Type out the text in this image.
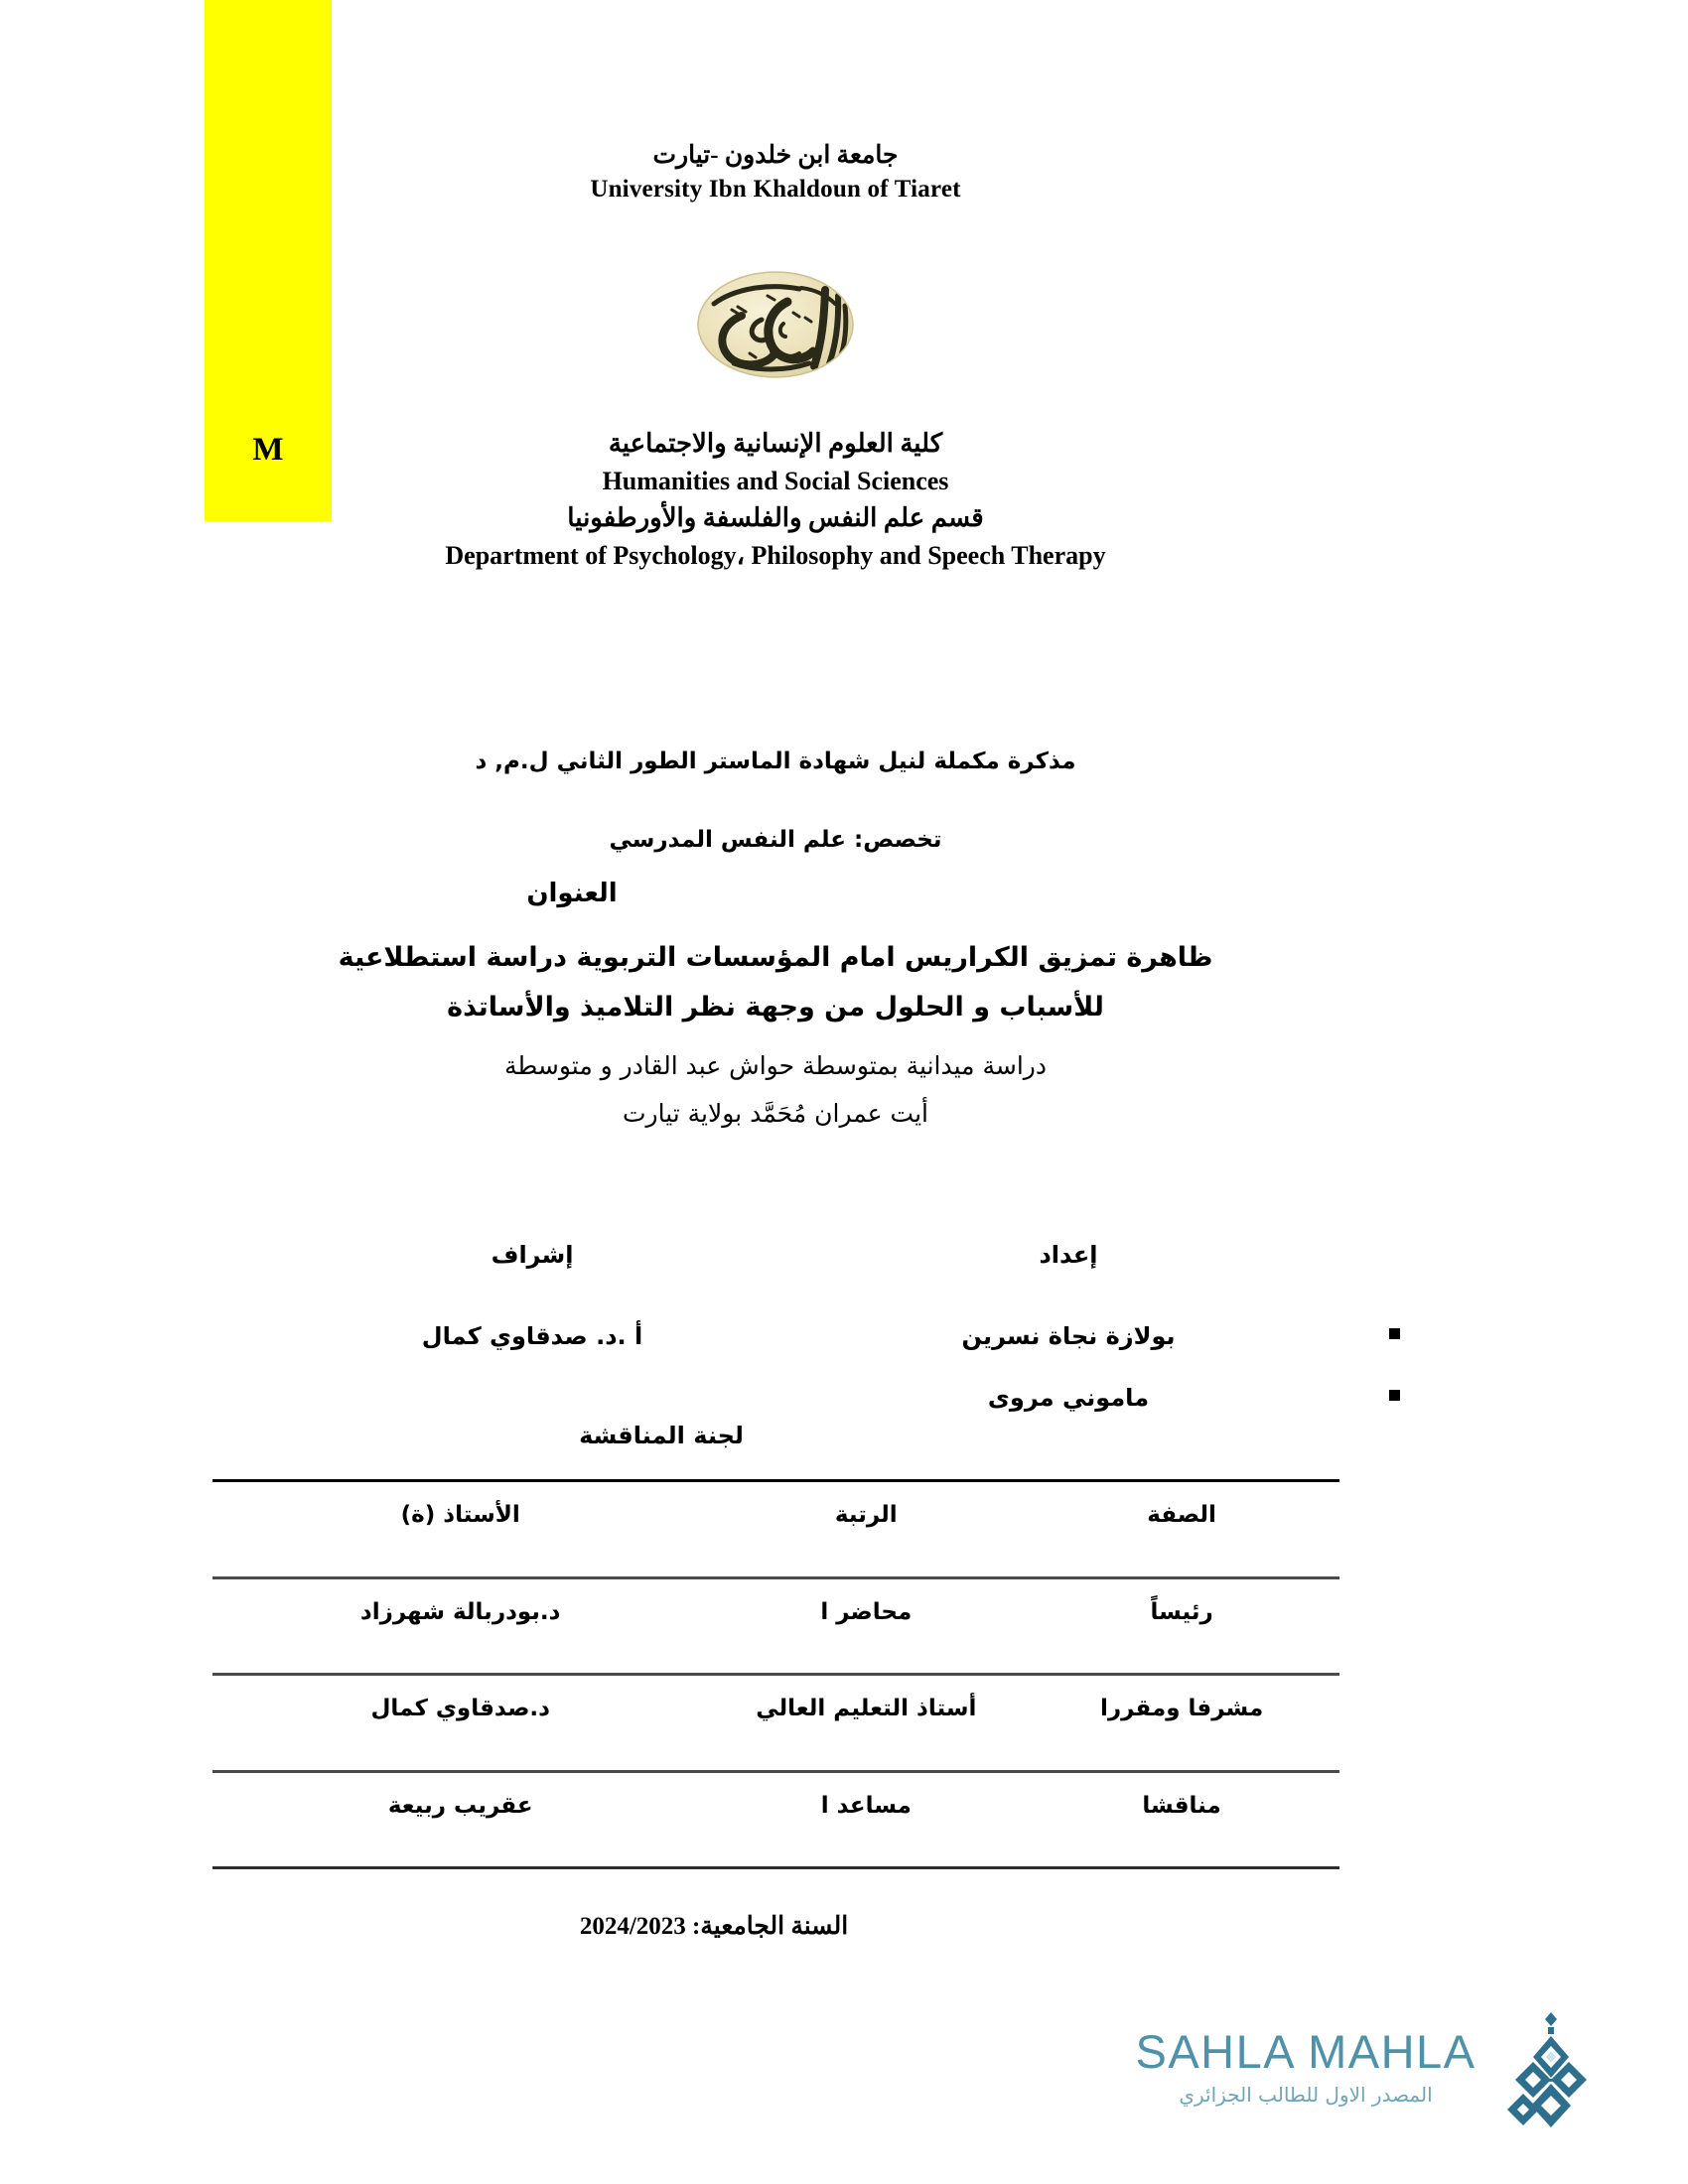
M
جامعة ابن خلدون -تيارت
University Ibn Khaldoun of Tiaret
كلية العلوم الإنسانية والاجتماعية
Humanities and Social Sciences
قسم علم النفس والفلسفة والأورطفونيا
Department of Psychology، Philosophy and Speech Therapy
مذكرة مكملة لنيل شهادة الماستر الطور الثاني ل.م, د
تخصص: علم النفس المدرسي
العنوان
ظاهرة تمزيق الكراريس امام المؤسسات التربوية دراسة استطلاعية
للأسباب و الحلول من وجهة نظر التلاميذ والأساتذة
دراسة ميدانية بمتوسطة حواش عبد القادر و متوسطة
أيت عمران مُحَمَّد بولاية تيارت
إعداد
بولازة نجاة نسرين
ماموني مروى
إشراف
أ .د. صدقاوي كمال
لجنة المناقشة
الصفة	الرتبة	الأستاذ (ة)
رئيساً	محاضر ا	د.بودربالة شهرزاد
مشرفا ومقررا	أستاذ التعليم العالي	د.صدقاوي كمال
مناقشا	مساعد ا	عقريب ربيعة
السنة الجامعية: 2024/2023
SAHLA MAHLA
المصدر الاول للطالب الجزائري
